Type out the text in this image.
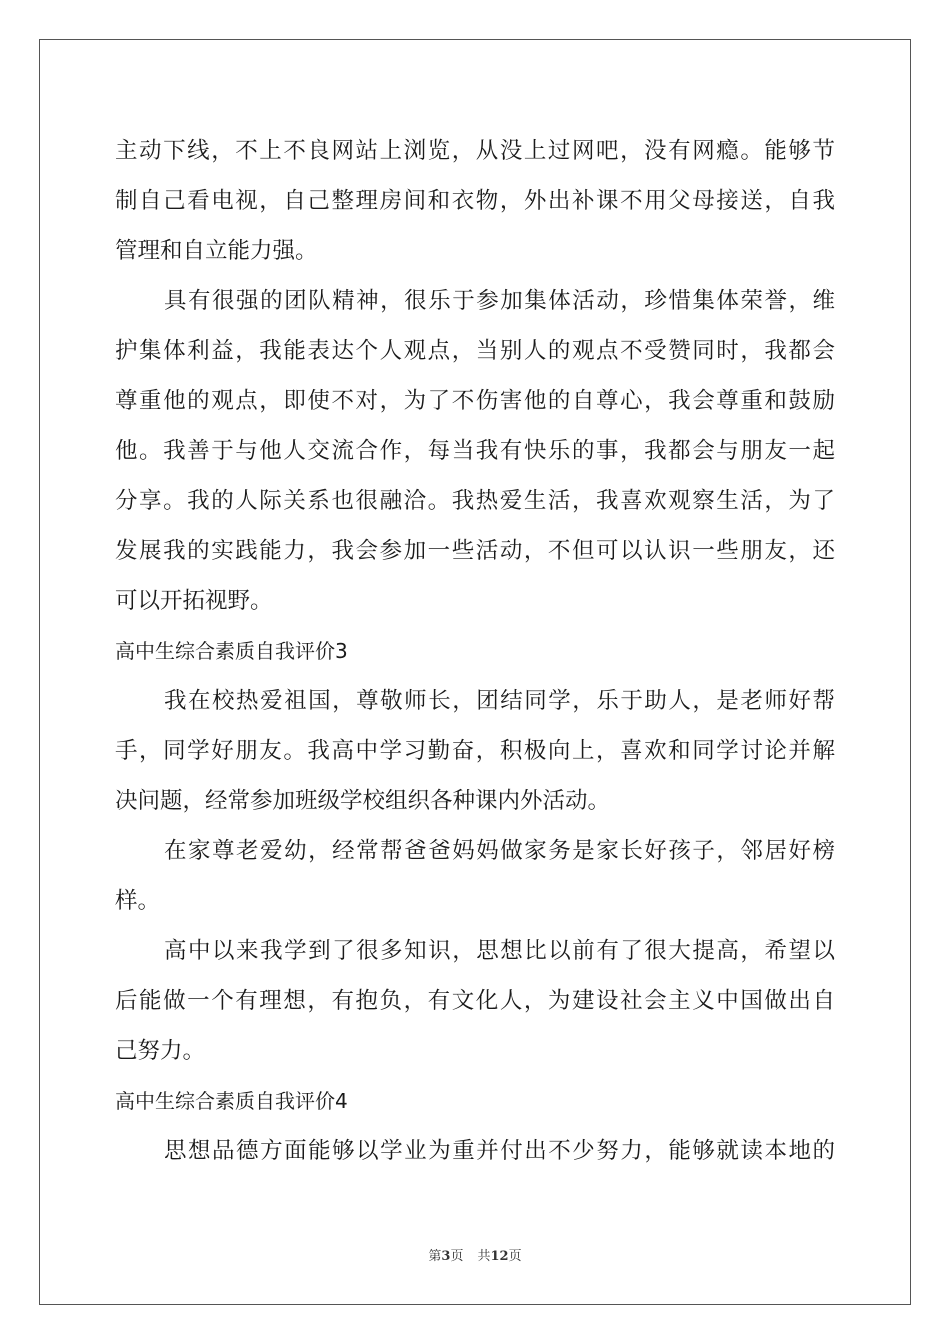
主动下线，不上不良网站上浏览，从没上过网吧，没有网瘾。能够节
制自己看电视，自己整理房间和衣物，外出补课不用父母接送，自我
管理和自立能力强。
具有很强的团队精神，很乐于参加集体活动，珍惜集体荣誉，维
护集体利益，我能表达个人观点，当别人的观点不受赞同时，我都会
尊重他的观点，即使不对，为了不伤害他的自尊心，我会尊重和鼓励
他。我善于与他人交流合作，每当我有快乐的事，我都会与朋友一起
分享。我的人际关系也很融洽。我热爱生活，我喜欢观察生活，为了
发展我的实践能力，我会参加一些活动，不但可以认识一些朋友，还
可以开拓视野。
高中生综合素质自我评价3
我在校热爱祖国，尊敬师长，团结同学，乐于助人，是老师好帮
手，同学好朋友。我高中学习勤奋，积极向上，喜欢和同学讨论并解
决问题，经常参加班级学校组织各种课内外活动。
在家尊老爱幼，经常帮爸爸妈妈做家务是家长好孩子，邻居好榜
样。
高中以来我学到了很多知识，思想比以前有了很大提高，希望以
后能做一个有理想，有抱负，有文化人，为建设社会主义中国做出自
己努力。
高中生综合素质自我评价4
思想品德方面能够以学业为重并付出不少努力，能够就读本地的
第3页 共12页
